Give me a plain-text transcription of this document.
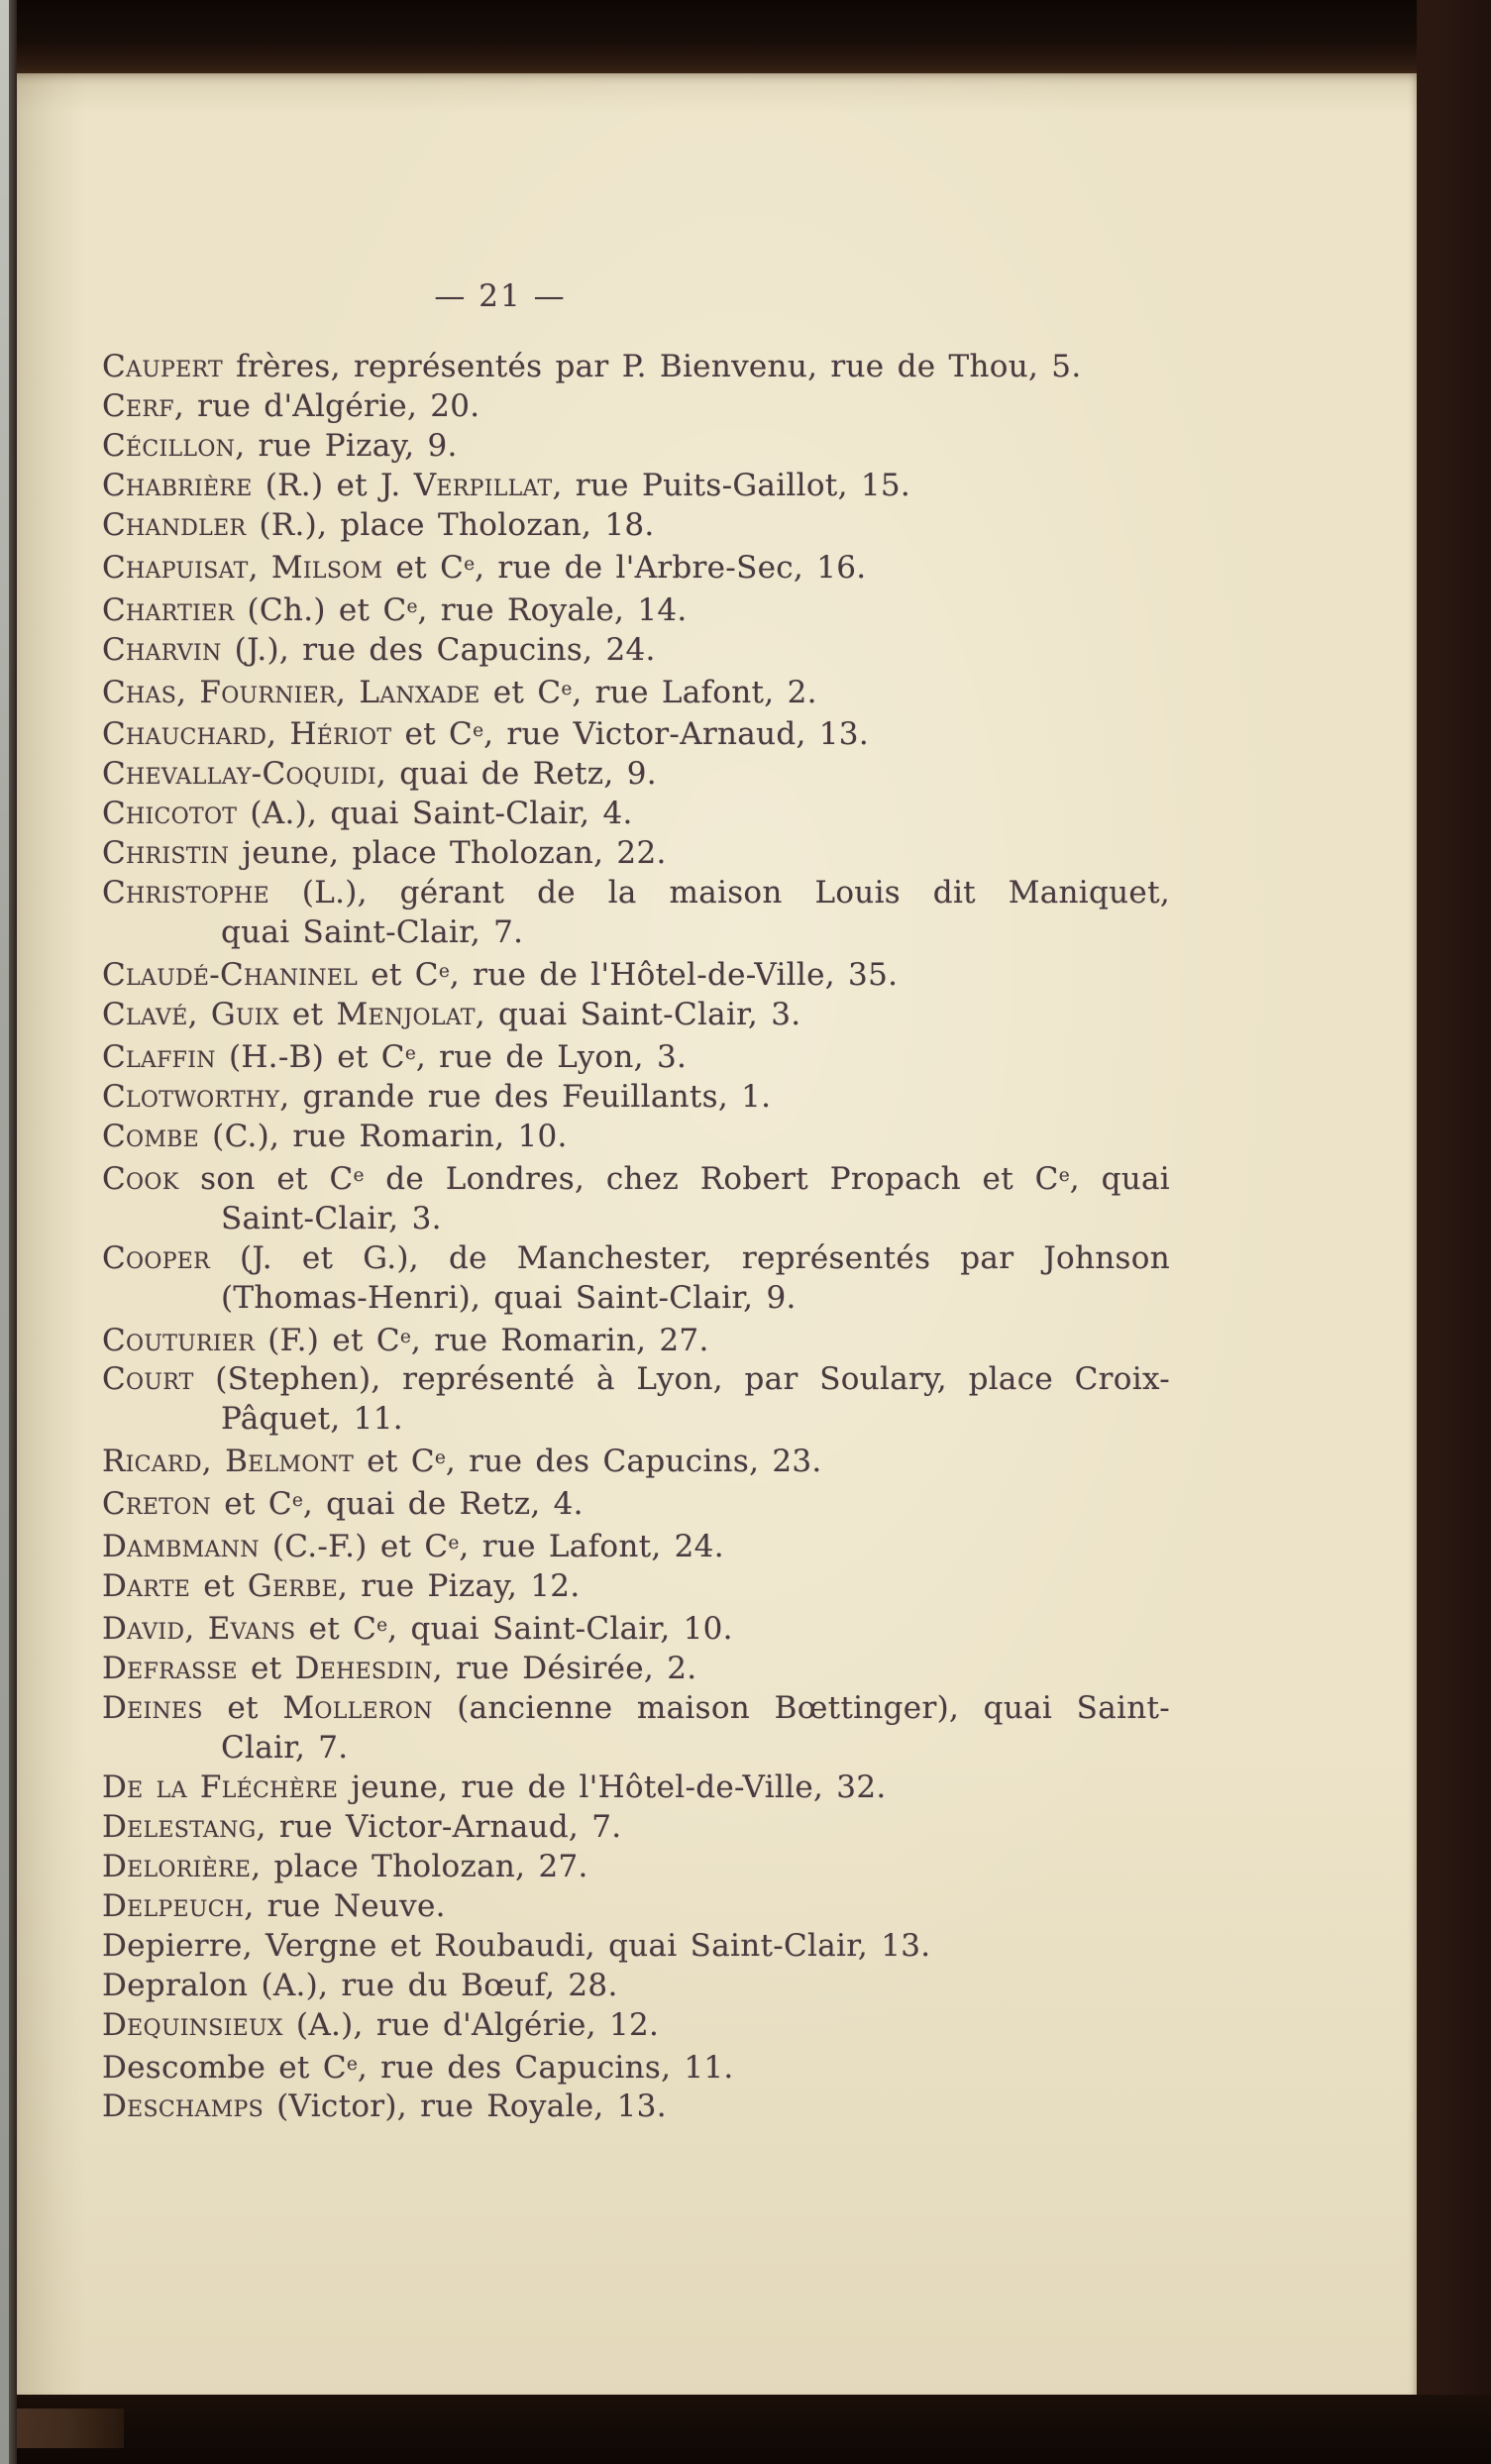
— 21 —
Caupert frères, représentés par P. Bienvenu, rue de Thou, 5.
Cerf, rue d'Algérie, 20.
Cécillon, rue Pizay, 9.
Chabrière (R.) et J. Verpillat, rue Puits-Gaillot, 15.
Chandler (R.), place Tholozan, 18.
Chapuisat, Milsom et Ce, rue de l'Arbre-Sec, 16.
Chartier (Ch.) et Ce, rue Royale, 14.
Charvin (J.), rue des Capucins, 24.
Chas, Fournier, Lanxade et Ce, rue Lafont, 2.
Chauchard, Hériot et Ce, rue Victor-Arnaud, 13.
Chevallay-Coquidi, quai de Retz, 9.
Chicotot (A.), quai Saint-Clair, 4.
Christin jeune, place Tholozan, 22.
Christophe (L.), gérant de la maison Louis dit Maniquet,
quai Saint-Clair, 7.
Claudé-Chaninel et Ce, rue de l'Hôtel-de-Ville, 35.
Clavé, Guix et Menjolat, quai Saint-Clair, 3.
Claffin (H.-B) et Ce, rue de Lyon, 3.
Clotworthy, grande rue des Feuillants, 1.
Combe (C.), rue Romarin, 10.
Cook son et Ce de Londres, chez Robert Propach et Ce, quai
Saint-Clair, 3.
Cooper (J. et G.), de Manchester, représentés par Johnson
(Thomas-Henri), quai Saint-Clair, 9.
Couturier (F.) et Ce, rue Romarin, 27.
Court (Stephen), représenté à Lyon, par Soulary, place Croix-
Pâquet, 11.
Ricard, Belmont et Ce, rue des Capucins, 23.
Creton et Ce, quai de Retz, 4.
Dambmann (C.-F.) et Ce, rue Lafont, 24.
Darte et Gerbe, rue Pizay, 12.
David, Evans et Ce, quai Saint-Clair, 10.
Defrasse et Dehesdin, rue Désirée, 2.
Deines et Molleron (ancienne maison Bœttinger), quai Saint-
Clair, 7.
De la Fléchère jeune, rue de l'Hôtel-de-Ville, 32.
Delestang, rue Victor-Arnaud, 7.
Delorière, place Tholozan, 27.
Delpeuch, rue Neuve.
Depierre, Vergne et Roubaudi, quai Saint-Clair, 13.
Depralon (A.), rue du Bœuf, 28.
Dequinsieux (A.), rue d'Algérie, 12.
Descombe et Ce, rue des Capucins, 11.
Deschamps (Victor), rue Royale, 13.
